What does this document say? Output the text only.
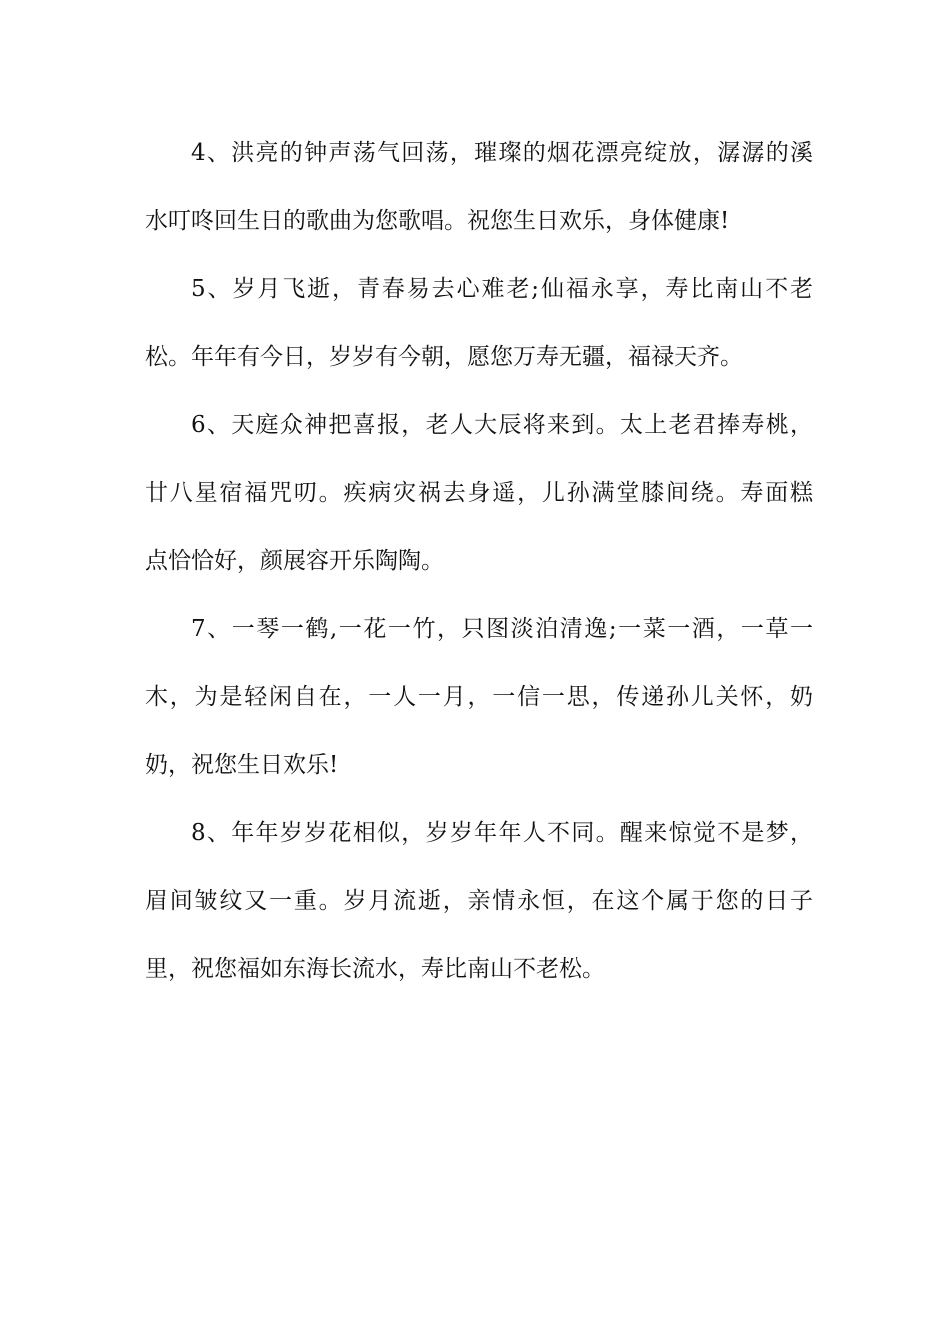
4、洪亮的钟声荡气回荡，璀璨的烟花漂亮绽放，潺潺的溪
水叮咚回生日的歌曲为您歌唱。祝您生日欢乐，身体健康!
5、岁月飞逝，青春易去心难老;仙福永享，寿比南山不老
松。年年有今日，岁岁有今朝，愿您万寿无疆，福禄天齐。
6、天庭众神把喜报，老人大辰将来到。太上老君捧寿桃，
廿八星宿福咒叨。疾病灾祸去身遥，儿孙满堂膝间绕。寿面糕
点恰恰好，颜展容开乐陶陶。
7、一琴一鹤,一花一竹，只图淡泊清逸;一菜一酒，一草一
木，为是轻闲自在，一人一月，一信一思，传递孙儿关怀，奶
奶，祝您生日欢乐!
8、年年岁岁花相似，岁岁年年人不同。醒来惊觉不是梦，
眉间皱纹又一重。岁月流逝，亲情永恒，在这个属于您的日子
里，祝您福如东海长流水，寿比南山不老松。
